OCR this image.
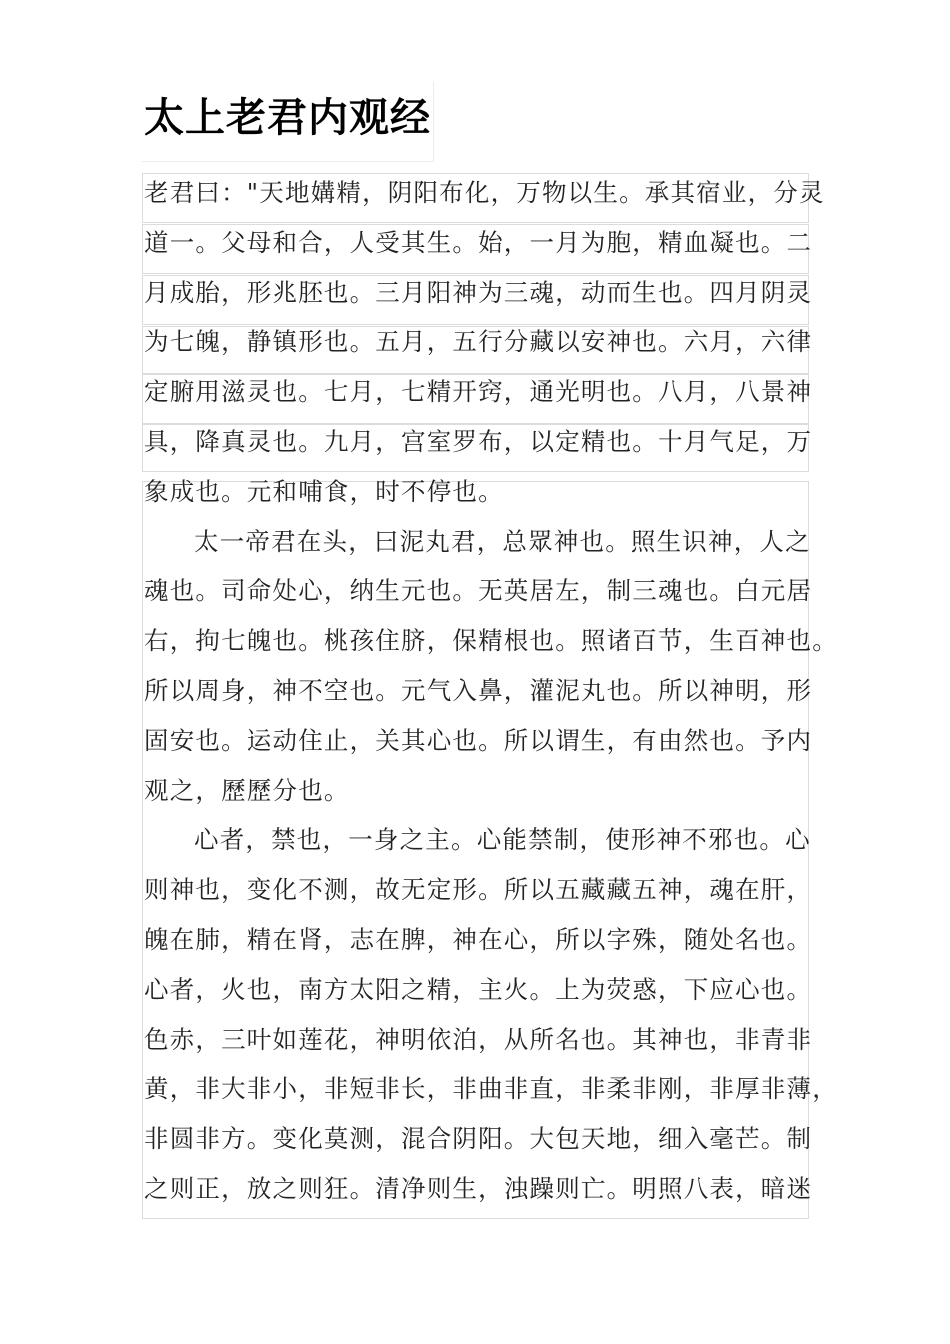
太上老君内观经
老君曰："天地媾精，阴阳布化，万物以生。承其宿业，分灵
道一。父母和合，人受其生。始，一月为胞，精血凝也。二
月成胎，形兆胚也。三月阳神为三魂，动而生也。四月阴灵
为七魄，静镇形也。五月，五行分藏以安神也。六月，六律
定腑用滋灵也。七月，七精开窍，通光明也。八月，八景神
具，降真灵也。九月，宫室罗布，以定精也。十月气足，万
象成也。元和哺食，时不停也。
太一帝君在头，曰泥丸君，总眾神也。照生识神，人之
魂也。司命处心，纳生元也。无英居左，制三魂也。白元居
右，拘七魄也。桃孩住脐，保精根也。照诸百节，生百神也。
所以周身，神不空也。元气入鼻，灌泥丸也。所以神明，形
固安也。运动住止，关其心也。所以谓生，有由然也。予内
观之，歷歷分也。
心者，禁也，一身之主。心能禁制，使形神不邪也。心
则神也，变化不测，故无定形。所以五藏藏五神，魂在肝，
魄在肺，精在肾，志在脾，神在心，所以字殊，随处名也。
心者，火也，南方太阳之精，主火。上为荧惑，下应心也。
色赤，三叶如莲花，神明依泊，从所名也。其神也，非青非
黄，非大非小，非短非长，非曲非直，非柔非刚，非厚非薄，
非圆非方。变化莫测，混合阴阳。大包天地，细入毫芒。制
之则正，放之则狂。清净则生，浊躁则亡。明照八表，暗迷
